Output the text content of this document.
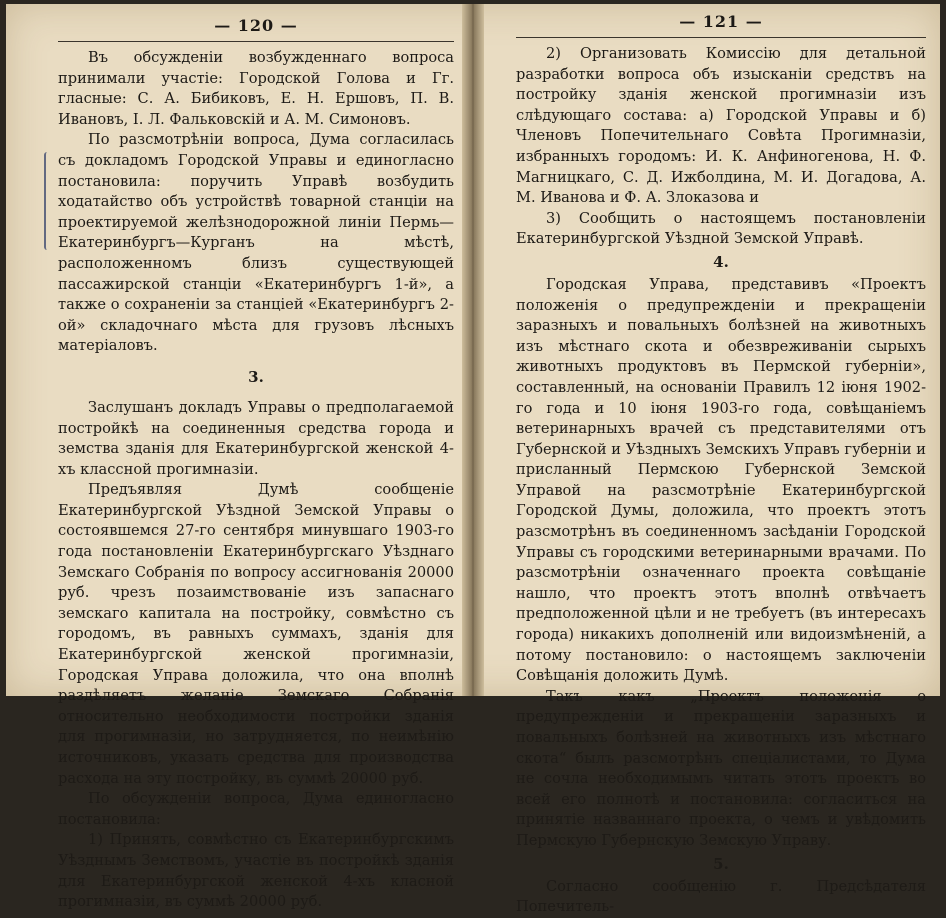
— 120 —

Въ обсужденіи возбужденнаго вопроса принимали участіе: Городской Голова и Гг. гласные: С. А. Бибиковъ, Е. Н. Ершовъ, П. В. Ивановъ, І. Л. Фальковскій и А. М. Симоновъ.

По разсмотрѣніи вопроса, Дума согласилась съ докладомъ Городской Управы и единогласно постановила: поручить Управѣ возбудить ходатайство объ устройствѣ товарной станціи на проектируемой желѣзнодорожной линіи Пермь—Екатеринбургъ—Курганъ на мѣстѣ, расположенномъ близъ существующей пассажирской станціи «Екатеринбургъ 1-й», а также о сохраненіи за станціей «Екатеринбургъ 2-ой» складочнаго мѣста для грузовъ лѣсныхъ матеріаловъ.

3.

Заслушанъ докладъ Управы о предполагаемой постройкѣ на соединенныя средства города и земства зданія для Екатеринбургской женской 4-хъ классной прогимназіи.

Предъявляя Думѣ сообщеніе Екатеринбургской Уѣздной Земской Управы о состоявшемся 27-го сентября минувшаго 1903-го года постановленіи Екатеринбургскаго Уѣзднаго Земскаго Собранія по вопросу ассигнованія 20000 руб. чрезъ позаимствованіе изъ запаснаго земскаго капитала на постройку, совмѣстно съ городомъ, въ равныхъ суммахъ, зданія для Екатеринбургской женской прогимназіи, Городская Управа доложила, что она вполнѣ раздѣляетъ желаніе Земскаго Собранія относительно необходимости постройки зданія для прогимназіи, но затрудняется, по неимѣнію источниковъ, указать средства для производства расхода на эту постройку, въ суммѣ 20000 руб.

По обсужденіи вопроса, Дума единогласно постановила:

1) Принять, совмѣстно съ Екатеринбургскимъ Уѣзднымъ Земствомъ, участіе въ постройкѣ зданія для Екатеринбургской женской 4-хъ класной прогимназіи, въ суммѣ 20000 руб.

— 121 —

2) Организовать Комиссію для детальной разработки вопроса объ изысканіи средствъ на постройку зданія женской прогимназіи изъ слѣдующаго состава: а) Городской Управы и б) Членовъ Попечительнаго Совѣта Прогимназіи, избранныхъ городомъ: И. К. Анфиногенова, Н. Ф. Магницкаго, С. Д. Ижболдина, М. И. Догадова, А. М. Иванова и Ф. А. Злоказова и

3) Сообщить о настоящемъ постановленіи Екатеринбургской Уѣздной Земской Управѣ.

4.

Городская Управа, представивъ «Проектъ положенія о предупрежденіи и прекращеніи заразныхъ и повальныхъ болѣзней на животныхъ изъ мѣстнаго скота и обезвреживаніи сырыхъ животныхъ продуктовъ въ Пермской губерніи», составленный, на основаніи Правилъ 12 іюня 1902-го года и 10 іюня 1903-го года, совѣщаніемъ ветеринарныхъ врачей съ представителями отъ Губернской и Уѣздныхъ Земскихъ Управъ губерніи и присланный Пермскою Губернской Земской Управой на разсмотрѣніе Екатеринбургской Городской Думы, доложила, что проектъ этотъ разсмотрѣнъ въ соединенномъ засѣданіи Городской Управы съ городскими ветеринарными врачами. По разсмотрѣніи означеннаго проекта совѣщаніе нашло, что проектъ этотъ вполнѣ отвѣчаетъ предположенной цѣли и не требуетъ (въ интересахъ города) никакихъ дополненій или видоизмѣненій, а потому постановило: о настоящемъ заключеніи Совѣщанія доложить Думѣ.

Такъ какъ „Проектъ положенія о предупрежденіи и прекращеніи заразныхъ и повальныхъ болѣзней на животныхъ изъ мѣстнаго скота“ былъ разсмотрѣнъ спеціалистами, то Дума не сочла необходимымъ читать этотъ проектъ во всей его полнотѣ и постановила: согласиться на принятіе названнаго проекта, о чемъ и увѣдомить Пермскую Губернскую Земскую Управу.

5.

Согласно сообщенію г. Предсѣдателя Попечитель-
